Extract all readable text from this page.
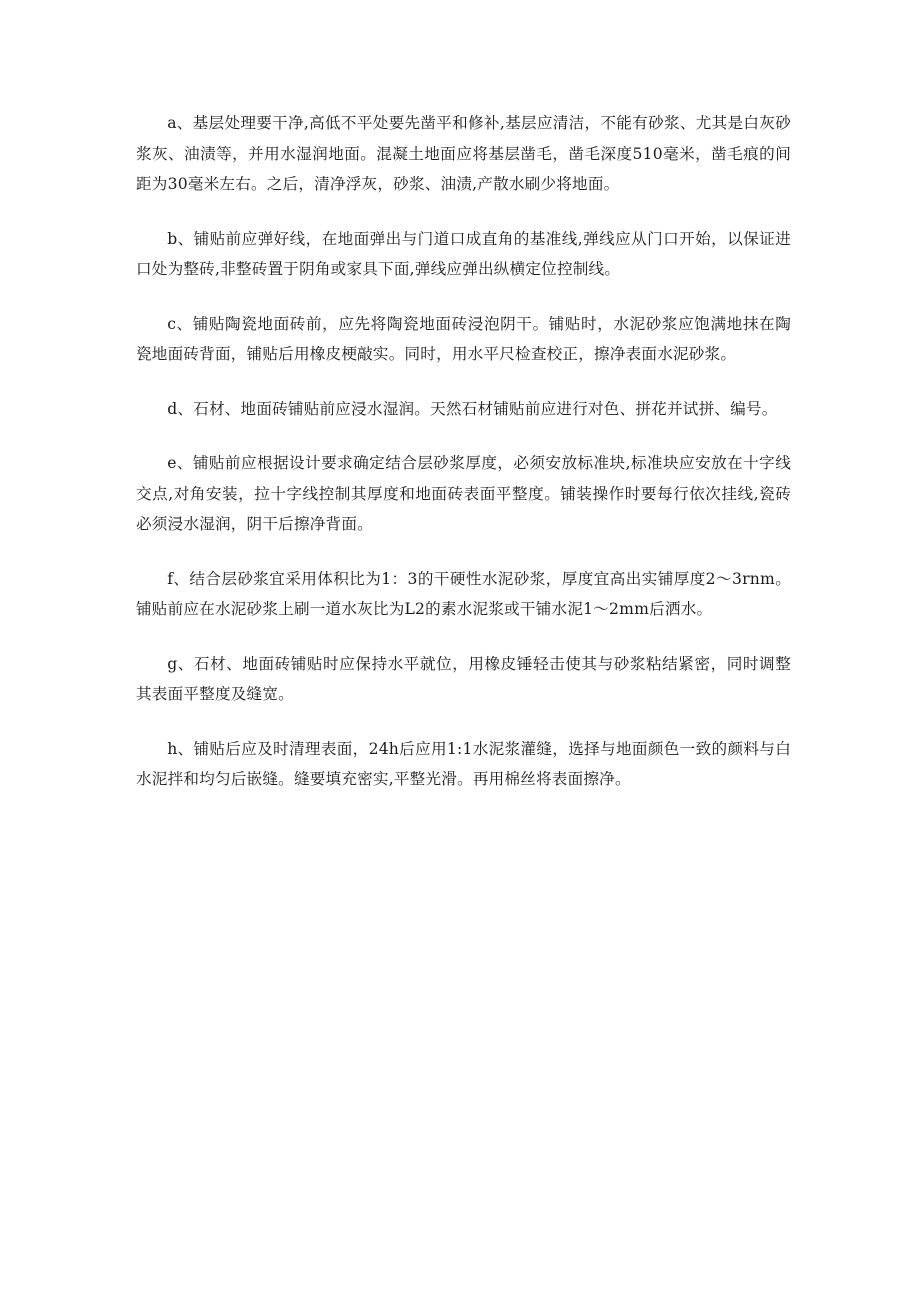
a、基层处理要干净,高低不平处要先凿平和修补,基层应清洁，不能有砂浆、尤其是白灰砂浆灰、油渍等，并用水湿润地面。混凝土地面应将基层凿毛，凿毛深度510毫米，凿毛痕的间距为30毫米左右。之后，清净浮灰，砂浆、油渍,产散水刷少将地面。

b、铺贴前应弹好线，在地面弹出与门道口成直角的基准线,弹线应从门口开始，以保证进口处为整砖,非整砖置于阴角或家具下面,弹线应弹出纵横定位控制线。

c、铺贴陶瓷地面砖前，应先将陶瓷地面砖浸泡阴干。铺贴时，水泥砂浆应饱满地抹在陶瓷地面砖背面，铺贴后用橡皮梗敲实。同时，用水平尺检查校正，擦净表面水泥砂浆。

d、石材、地面砖铺贴前应浸水湿润。天然石材铺贴前应进行对色、拼花并试拼、编号。

e、铺贴前应根据设计要求确定结合层砂浆厚度，必须安放标准块,标准块应安放在十字线交点,对角安装，拉十字线控制其厚度和地面砖表面平整度。铺装操作时要每行依次挂线,瓷砖必须浸水湿润，阴干后擦净背面。

f、结合层砂浆宜采用体积比为1：3的干硬性水泥砂浆，厚度宜高出实铺厚度2～3rnm。铺贴前应在水泥砂浆上刷一道水灰比为L2的素水泥浆或干铺水泥1～2mm后洒水。

g、石材、地面砖铺贴时应保持水平就位，用橡皮锤轻击使其与砂浆粘结紧密，同时调整其表面平整度及缝宽。

h、铺贴后应及时清理表面，24h后应用1:1水泥浆灌缝，选择与地面颜色一致的颜料与白水泥拌和均匀后嵌缝。缝要填充密实,平整光滑。再用棉丝将表面擦净。
